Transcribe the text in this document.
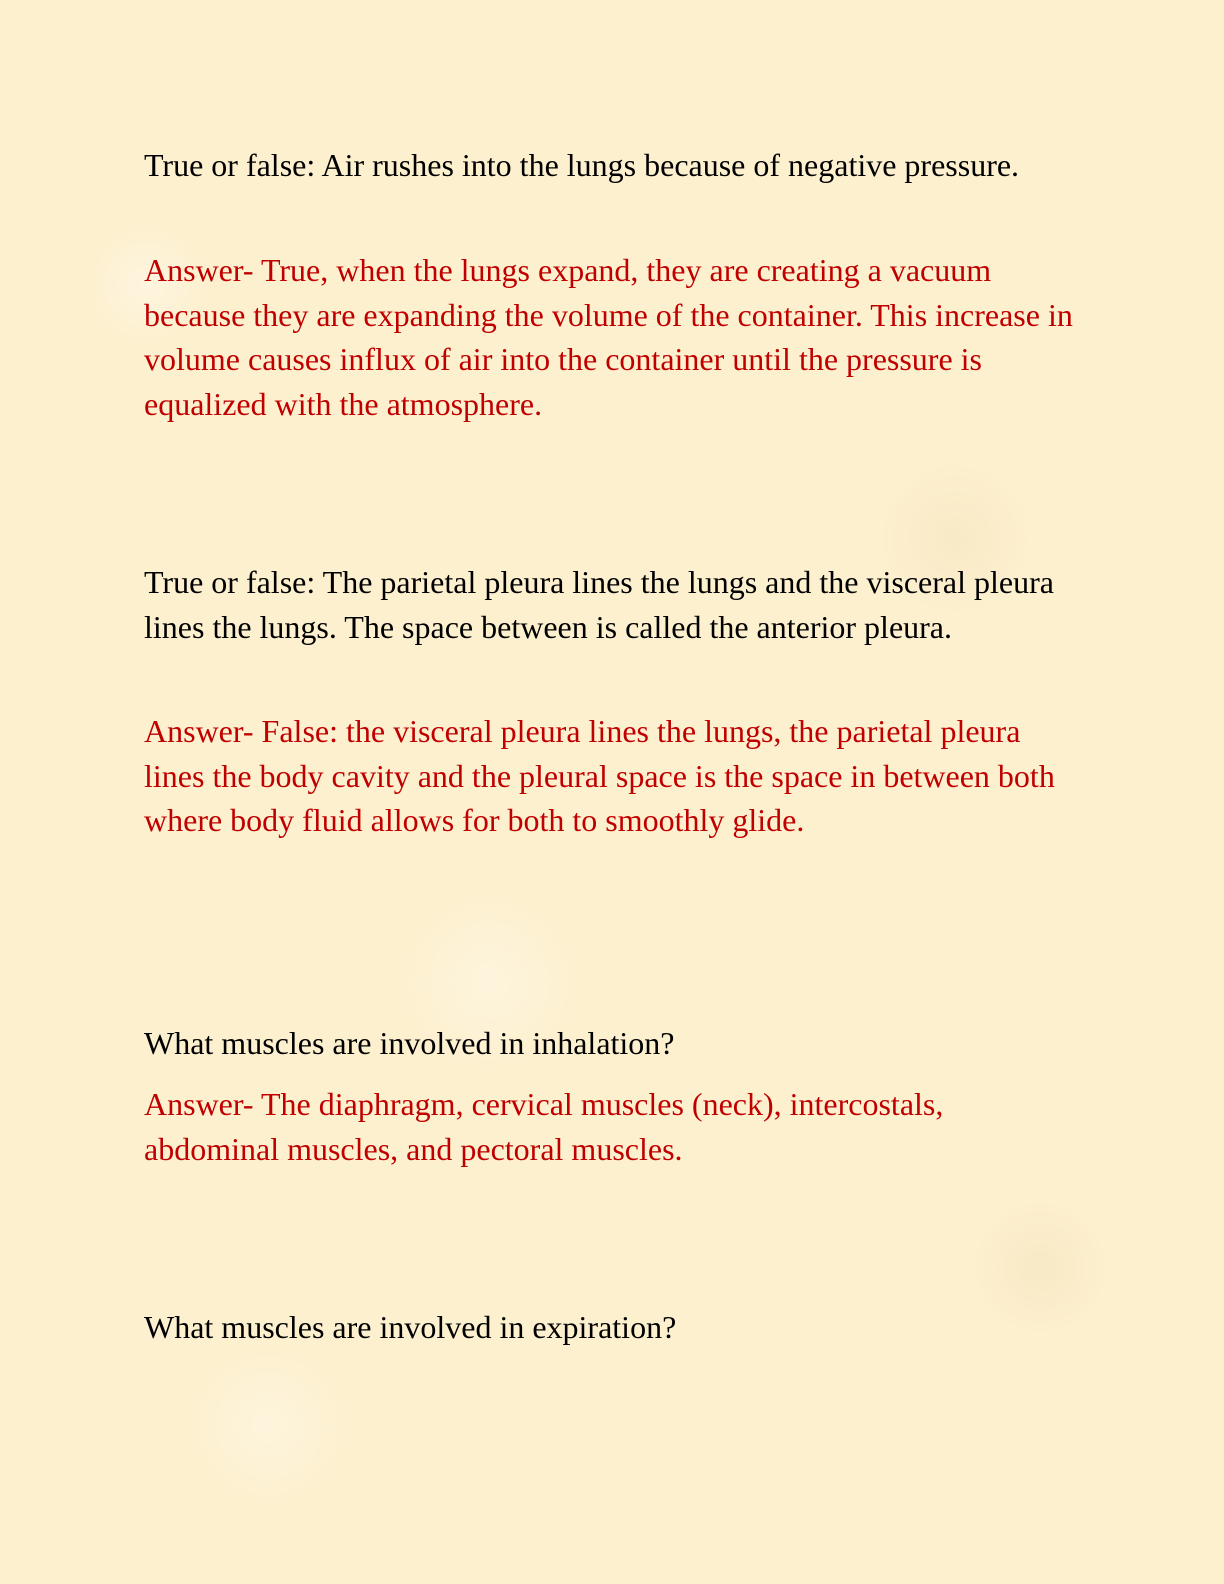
True or false: Air rushes into the lungs because of negative pressure.

Answer- True, when the lungs expand, they are creating a vacuum because they are expanding the volume of the container. This increase in volume causes influx of air into the container until the pressure is equalized with the atmosphere.

True or false: The parietal pleura lines the lungs and the visceral pleura lines the lungs. The space between is called the anterior pleura.

Answer- False: the visceral pleura lines the lungs, the parietal pleura lines the body cavity and the pleural space is the space in between both where body fluid allows for both to smoothly glide.

What muscles are involved in inhalation?

Answer- The diaphragm, cervical muscles (neck), intercostals, abdominal muscles, and pectoral muscles.

What muscles are involved in expiration?
